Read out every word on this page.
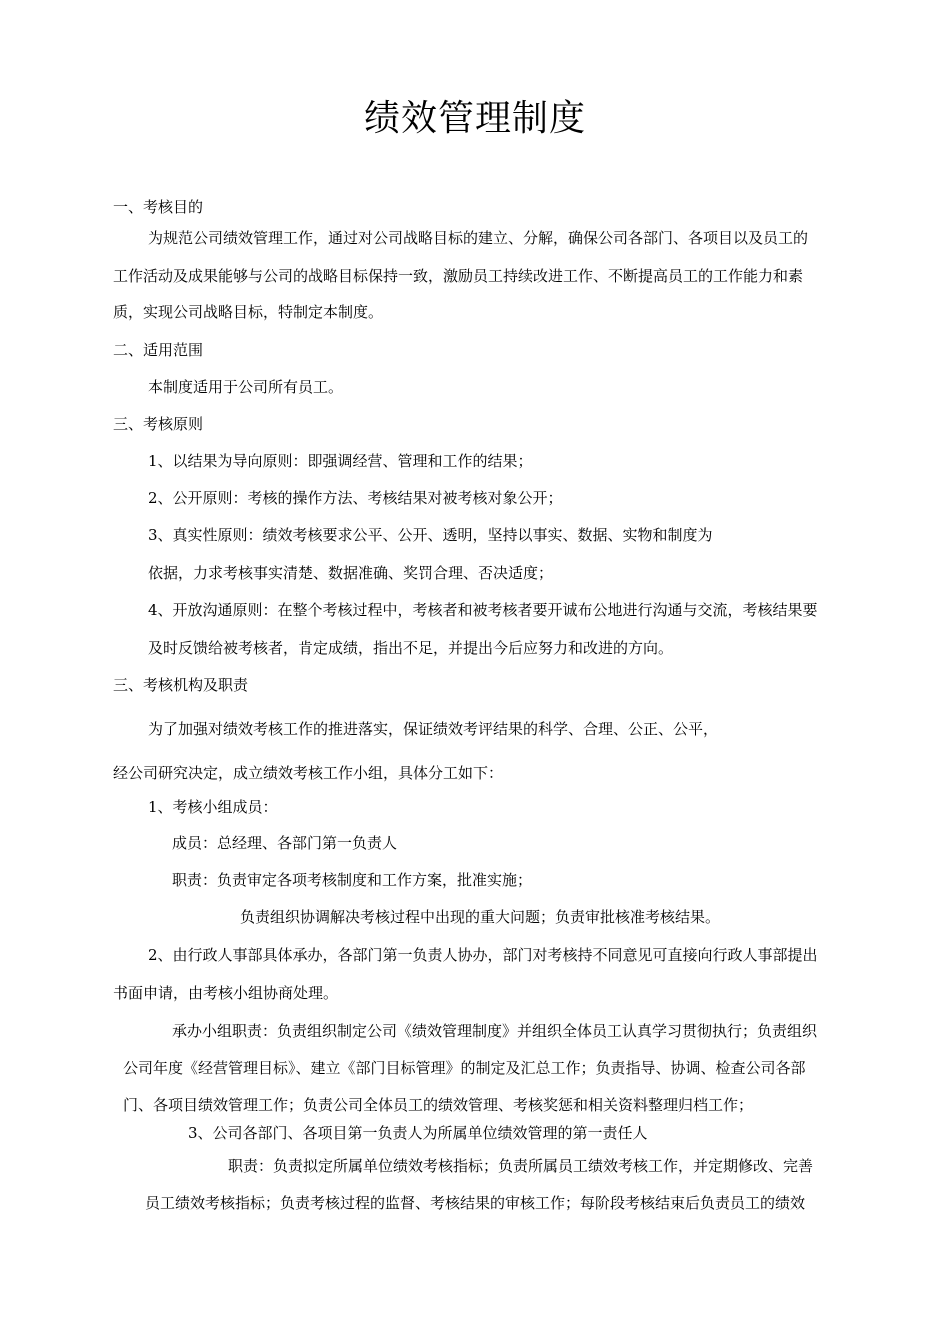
绩效管理制度
一、考核目的
为规范公司绩效管理工作，通过对公司战略目标的建立、分解，确保公司各部门、各项目以及员工的
工作活动及成果能够与公司的战略目标保持一致，激励员工持续改进工作、不断提高员工的工作能力和素
质，实现公司战略目标，特制定本制度。
二、适用范围
本制度适用于公司所有员工。
三、考核原则
1、以结果为导向原则：即强调经营、管理和工作的结果；
2、公开原则：考核的操作方法、考核结果对被考核对象公开；
3、真实性原则：绩效考核要求公平、公开、透明，坚持以事实、数据、实物和制度为
依据，力求考核事实清楚、数据准确、奖罚合理、否决适度；
4、开放沟通原则：在整个考核过程中，考核者和被考核者要开诚布公地进行沟通与交流，考核结果要
及时反馈给被考核者，肯定成绩，指出不足，并提出今后应努力和改进的方向。
三、考核机构及职责
为了加强对绩效考核工作的推进落实，保证绩效考评结果的科学、合理、公正、公平，
经公司研究决定，成立绩效考核工作小组，具体分工如下：
1、考核小组成员：
成员：总经理、各部门第一负责人
职责：负责审定各项考核制度和工作方案，批准实施；
负责组织协调解决考核过程中出现的重大问题；负责审批核准考核结果。
2、由行政人事部具体承办，各部门第一负责人协办，部门对考核持不同意见可直接向行政人事部提出
书面申请，由考核小组协商处理。
承办小组职责：负责组织制定公司《绩效管理制度》并组织全体员工认真学习贯彻执行；负责组织
公司年度《经营管理目标》、建立《部门目标管理》的制定及汇总工作；负责指导、协调、检查公司各部
门、各项目绩效管理工作；负责公司全体员工的绩效管理、考核奖惩和相关资料整理归档工作；
3、公司各部门、各项目第一负责人为所属单位绩效管理的第一责任人
职责：负责拟定所属单位绩效考核指标；负责所属员工绩效考核工作，并定期修改、完善
员工绩效考核指标；负责考核过程的监督、考核结果的审核工作；每阶段考核结束后负责员工的绩效
